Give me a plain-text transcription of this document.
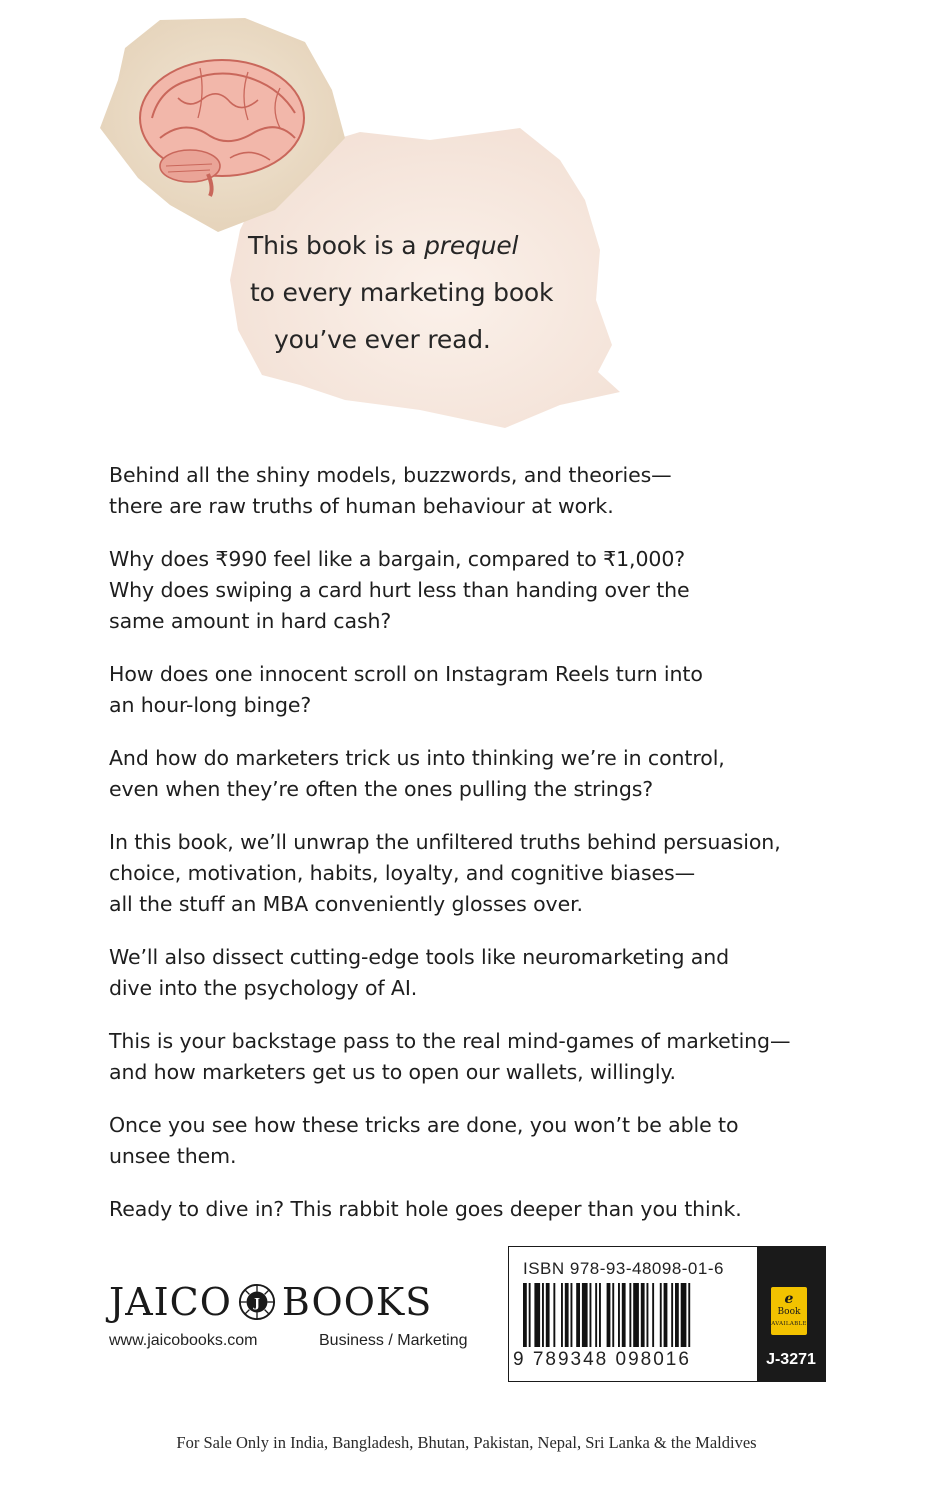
This book is a prequel
to every marketing book
you’ve ever read.

Behind all the shiny models, buzzwords, and theories—
there are raw truths of human behaviour at work.

Why does ₹990 feel like a bargain, compared to ₹1,000?
Why does swiping a card hurt less than handing over the
same amount in hard cash?

How does one innocent scroll on Instagram Reels turn into
an hour-long binge?

And how do marketers trick us into thinking we’re in control,
even when they’re often the ones pulling the strings?

In this book, we’ll unwrap the unfiltered truths behind persuasion,
choice, motivation, habits, loyalty, and cognitive biases—
all the stuff an MBA conveniently glosses over.

We’ll also dissect cutting-edge tools like neuromarketing and
dive into the psychology of AI.

This is your backstage pass to the real mind-games of marketing—
and how marketers get us to open our wallets, willingly.

Once you see how these tricks are done, you won’t be able to
unsee them.

Ready to dive in? This rabbit hole goes deeper than you think.

JAICO J BOOKS
www.jaicobooks.com	Business / Marketing
ISBN 978-93-48098-01-6
9 789348 098016
e
Book
AVAILABLE
J-3271
For Sale Only in India, Bangladesh, Bhutan, Pakistan, Nepal, Sri Lanka & the Maldives
